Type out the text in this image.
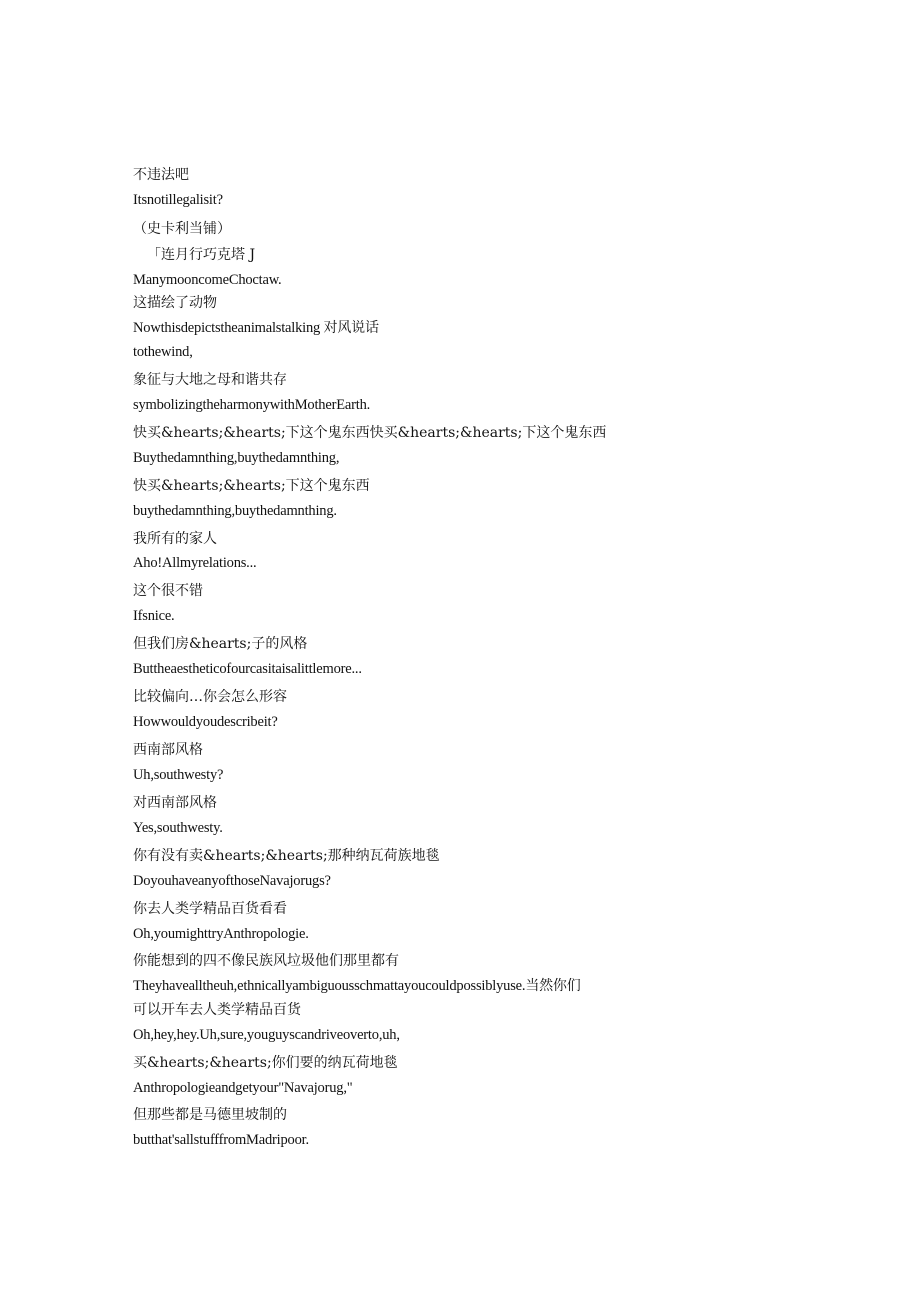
不违法吧
Itsnotillegalisit?
（史卡利当铺）
「连月行巧克塔 J
ManymooncomeChoctaw.
这描绘了动物
Nowthisdepictstheanimalstalking 对风说话
tothewind,
象征与大地之母和谐共存
symbolizingtheharmonywithMotherEarth.
快买&hearts;&hearts;下这个鬼东西快买&hearts;&hearts;下这个鬼东西
Buythedamnthing,buythedamnthing,
快买&hearts;&hearts;下这个鬼东西
buythedamnthing,buythedamnthing.
我所有的家人
Aho!Allmyrelations...
这个很不错
Ifsnice.
但我们房&hearts;子的风格
Buttheaestheticofourcasitaisalittlemore...
比较偏向…你会怎么形容
Howwouldyoudescribeit?
西南部风格
Uh,southwesty?
对西南部风格
Yes,southwesty.
你有没有卖&hearts;&hearts;那种纳瓦荷族地毯
DoyouhaveanyofthoseNavajorugs?
你去人类学精品百货看看
Oh,youmighttryAnthropologie.
你能想到的四不像民族风垃圾他们那里都有
Theyhavealltheuh,ethnicallyambiguousschmattayoucouldpossiblyuse.当然你们
可以开车去人类学精品百货
Oh,hey,hey.Uh,sure,youguyscandriveoverto,uh,
买&hearts;&hearts;你们要的纳瓦荷地毯
Anthropologieandgetyour"Navajorug,"
但那些都是马德里坡制的
butthat'sallstufffromMadripoor.
